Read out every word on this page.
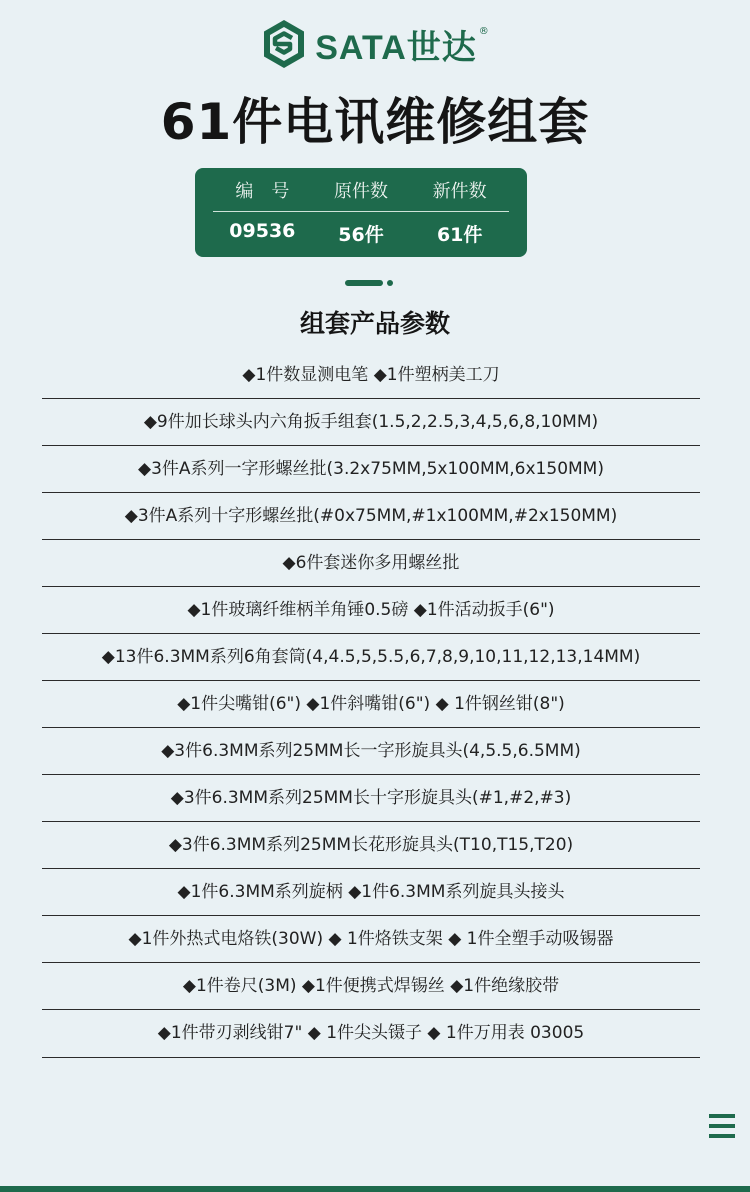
SATA世达 ®
61件电讯维修组套
编　号	原件数	新件数
09536	56件	61件
组套产品参数
◆1件数显测电笔 ◆1件塑柄美工刀
◆9件加长球头内六角扳手组套(1.5,2,2.5,3,4,5,6,8,10MM)
◆3件A系列一字形螺丝批(3.2x75MM,5x100MM,6x150MM)
◆3件A系列十字形螺丝批(#0x75MM,#1x100MM,#2x150MM)
◆6件套迷你多用螺丝批
◆1件玻璃纤维柄羊角锤0.5磅 ◆1件活动扳手(6")
◆13件6.3MM系列6角套筒(4,4.5,5,5.5,6,7,8,9,10,11,12,13,14MM)
◆1件尖嘴钳(6") ◆1件斜嘴钳(6") ◆ 1件钢丝钳(8")
◆3件6.3MM系列25MM长一字形旋具头(4,5.5,6.5MM)
◆3件6.3MM系列25MM长十字形旋具头(#1,#2,#3)
◆3件6.3MM系列25MM长花形旋具头(T10,T15,T20)
◆1件6.3MM系列旋柄 ◆1件6.3MM系列旋具头接头
◆1件外热式电烙铁(30W) ◆ 1件烙铁支架 ◆ 1件全塑手动吸锡器
◆1件卷尺(3M) ◆1件便携式焊锡丝 ◆1件绝缘胶带
◆1件带刃剥线钳7" ◆ 1件尖头镊子 ◆ 1件万用表 03005
